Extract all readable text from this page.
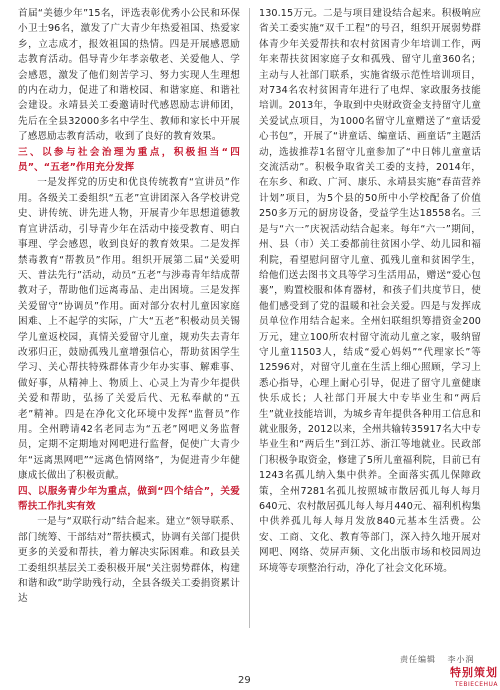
首届“美德少年”15名，评选表彰优秀小公民和环保小卫士96名，激发了广大青少年热爱祖国、热爱家乡，立志成才，报效祖国的热情。四是开展感恩励志教育活动。倡导青少年孝亲敬老、关爱他人、学会感恩，激发了他们刻苦学习、努力实现人生理想的内在动力，促进了和谐校园、和谐家庭、和谐社会建设。永靖县关工委邀请时代感恩励志讲师团，先后在全县32000多名中学生、教师和家长中开展了感恩励志教育活动，收到了良好的教育效果。

三、以参与社会治理为重点，积极担当“四员”、“五老”作用充分发挥

一是发挥党的历史和优良传统教育“宣讲员”作用。各级关工委组织“五老”宣讲团深入各学校讲党史、讲传统、讲先进人物，开展青少年思想道德教育宣讲活动，引导青少年在活动中接受教育、明白事理、学会感恩，收到良好的教育效果。二是发挥禁毒教育“帮教员”作用。组织开展第二届“关爱明天、普法先行”活动，动员“五老”与涉毒青年结成帮教对子，帮助他们远离毒品、走出困境。三是发挥关爱留守“协调员”作用。面对部分农村儿童因家庭困难、上不起学的实际，广大“五老”积极动员关锡学儿童返校园，真情关爱留守儿童，规劝失去青年改邪归正，鼓励孤残儿童增强信心，帮助贫困学生学习、关心帮扶特殊群体青少年办实事、解难事、做好事，从精神上、物质上、心灵上为青少年提供关爱和帮助，弘扬了关爱后代、无私奉献的“五老”精神。四是在净化文化环境中发挥“监督员”作用。全州聘请42名老同志为“五老”网吧义务监督员，定期不定期地对网吧进行监督，促使广大青少年“远离黑网吧”“远离色情网络”，为促进青少年健康成长做出了积极贡献。

四、以服务青少年为重点，做到“四个结合”，关爱帮扶工作扎实有效

一是与“双联行动”结合起来。建立“领导联系、部门统筹、干部结对”帮扶模式，协调有关部门提供更多的关爱和帮扶，着力解决实际困难。和政县关工委组织基层关工委积极开展“关注弱势群体，构建和谐和政”助学助残行动，全县各级关工委捐资累计达

130.15万元。二是与项目建设结合起来。积极响应省关工委实施“双千工程”的号召，组织开展弱势群体青少年关爱帮扶和农村贫困青少年培训工作，两年来帮扶贫困家庭子女和孤残、留守儿童360名；主动与人社部门联系，实施省级示范性培训项目，对734名农村贫困青年进行了电焊、家政服务技能培训。2013年，争取到中央财政资金支持留守儿童关爱试点项目，为1000名留守儿童赠送了“童话爱心书包”，开展了“讲童话、编童话、画童话”主题活动，选拔推荐1名留守儿童参加了“中日韩儿童童话交流活动”。积极争取省关工委的支持，2014年，在东乡、和政、广河、康乐、永靖县实施“春苗营养计划”项目，为5个县的50所中小学校配备了价值250多万元的厨房设备，受益学生达18558名。三是与“六一”庆祝活动结合起来。每年“六一”期间，州、县（市）关工委都前往贫困小学、幼儿园和福利院，看望慰问留守儿童、孤残儿童和贫困学生，给他们送去图书文具等学习生活用品，赠送“爱心包裹”，购置校服和体育器材，和孩子们共度节日，使他们感受到了党的温暖和社会关爱。四是与发挥成员单位作用结合起来。全州妇联组织筹措资金200万元，建立100所农村留守流动儿童之家，吸纳留守儿童11503人，结成“爱心妈妈”“代理家长”等12596对，对留守儿童在生活上细心照顾，学习上悉心指导，心理上耐心引导，促进了留守儿童健康快乐成长；人社部门开展大中专毕业生和“两后生”就业技能培训，为城乡青年提供各种用工信息和就业服务，2012以来，全州共输转35917名大中专毕业生和“两后生”到江苏、浙江等地就业。民政部门积极争取资金，修建了5所儿童福利院，目前已有1243名孤儿纳入集中供养。全面落实孤儿保障政策，全州7281名孤儿按照城市散居孤儿每人每月640元、农村散居孤儿每人每月440元、福利机构集中供养孤儿每人每月发放840元基本生活费。公安、工商、文化、教育等部门，深入持久地开展对网吧、网络、荧屏声频、文化出版市场和校园周边环境等专项整治行动，净化了社会文化环境。

责任编辑 李小润
29
特别策划
TEBIECEHUA
